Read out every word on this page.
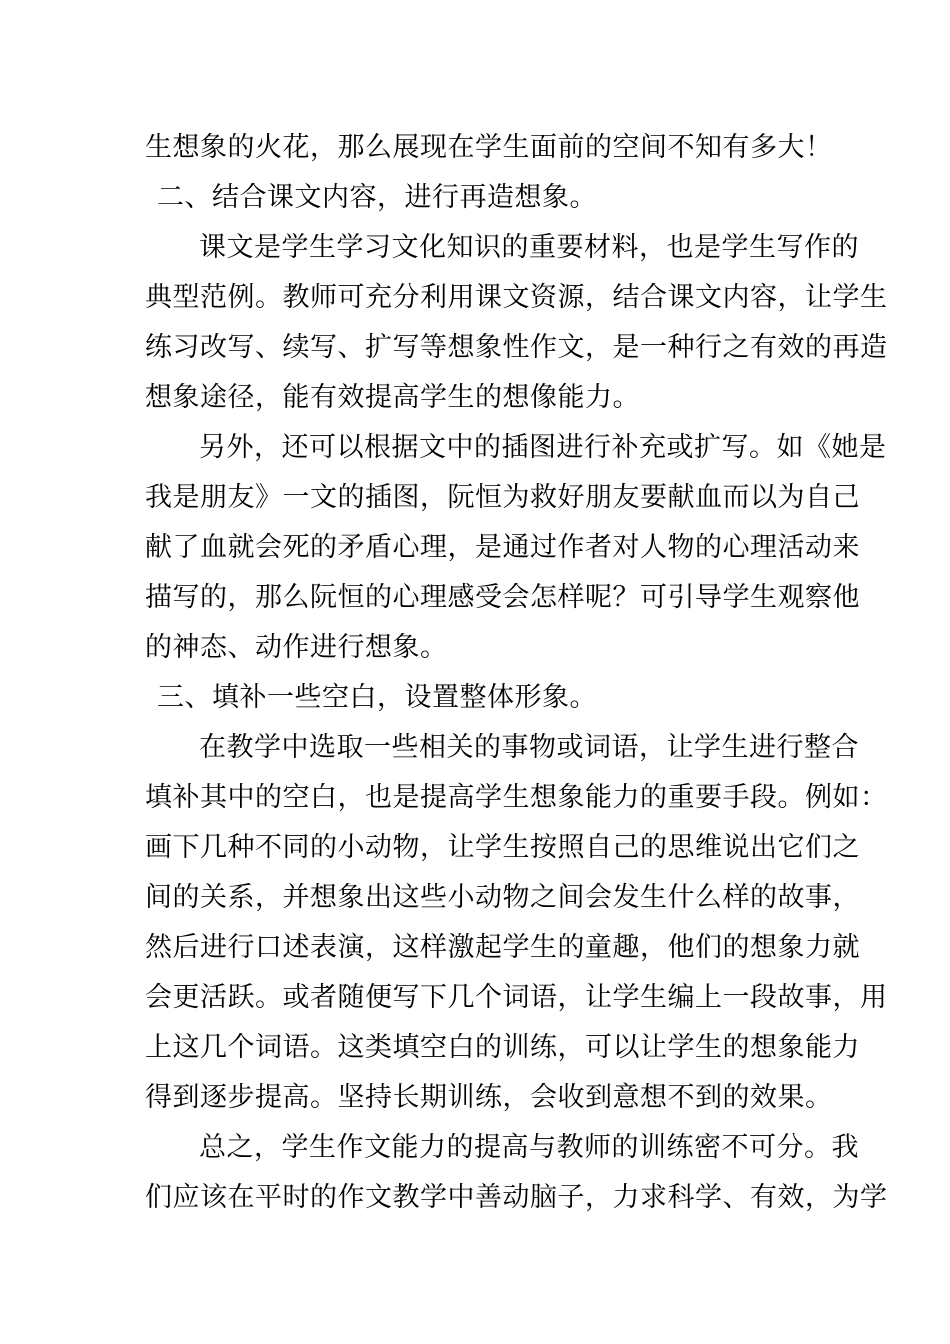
生想象的火花，那么展现在学生面前的空间不知有多大！
二、结合课文内容，进行再造想象。
课文是学生学习文化知识的重要材料，也是学生写作的
典型范例。教师可充分利用课文资源，结合课文内容，让学生
练习改写、续写、扩写等想象性作文，是一种行之有效的再造
想象途径，能有效提高学生的想像能力。
另外，还可以根据文中的插图进行补充或扩写。如《她是
我是朋友》一文的插图，阮恒为救好朋友要献血而以为自己
献了血就会死的矛盾心理，是通过作者对人物的心理活动来
描写的，那么阮恒的心理感受会怎样呢？可引导学生观察他
的神态、动作进行想象。
三、填补一些空白，设置整体形象。
在教学中选取一些相关的事物或词语，让学生进行整合
填补其中的空白，也是提高学生想象能力的重要手段。例如：
画下几种不同的小动物，让学生按照自己的思维说出它们之
间的关系，并想象出这些小动物之间会发生什么样的故事，
然后进行口述表演，这样激起学生的童趣，他们的想象力就
会更活跃。或者随便写下几个词语，让学生编上一段故事，用
上这几个词语。这类填空白的训练，可以让学生的想象能力
得到逐步提高。坚持长期训练，会收到意想不到的效果。
总之，学生作文能力的提高与教师的训练密不可分。我
们应该在平时的作文教学中善动脑子，力求科学、有效，为学
